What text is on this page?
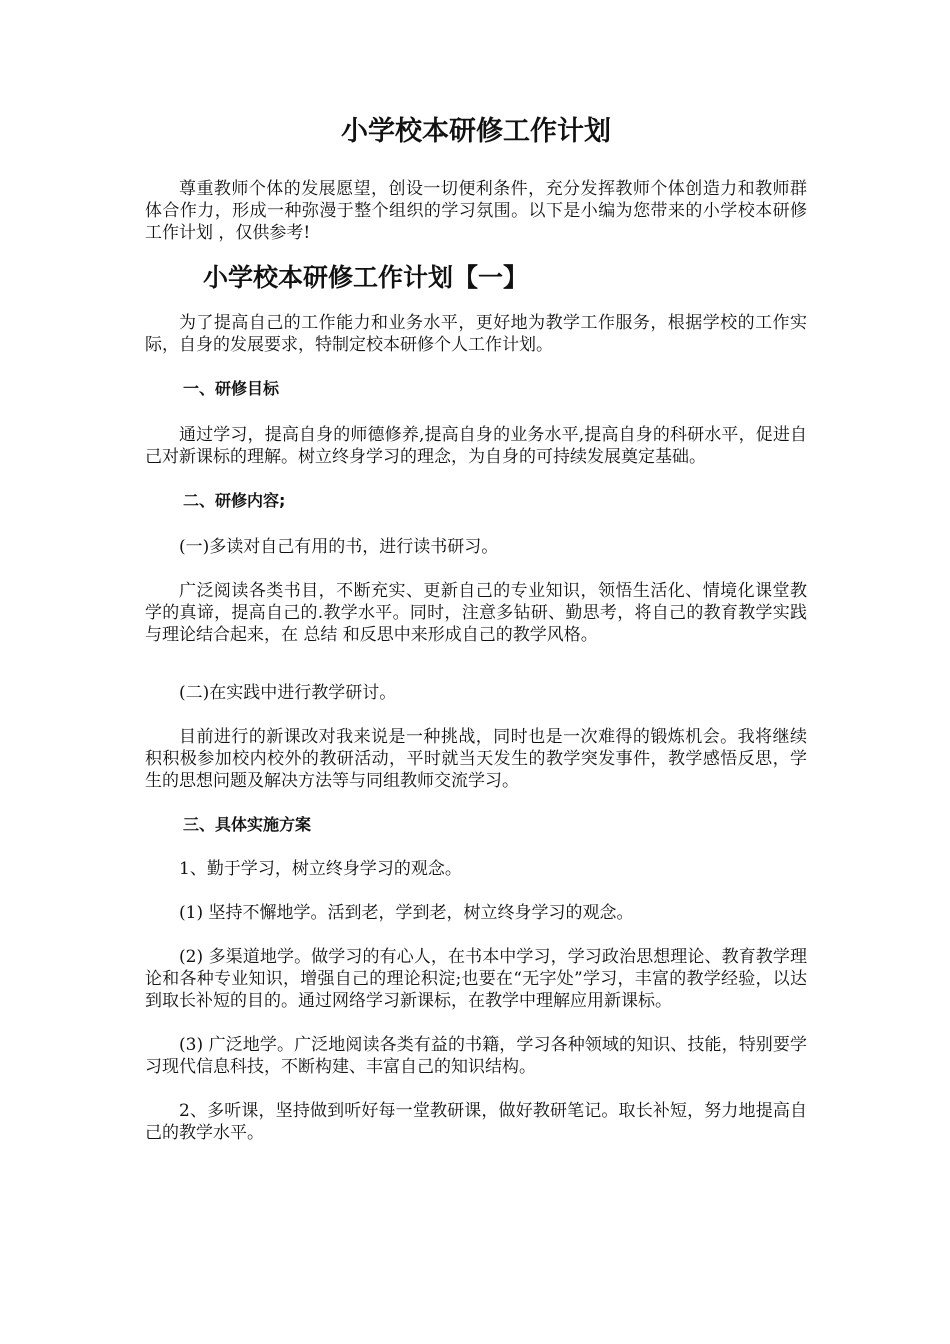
小学校本研修工作计划

尊重教师个体的发展愿望，创设一切便利条件，充分发挥教师个体创造力和教师群体合作力，形成一种弥漫于整个组织的学习氛围。以下是小编为您带来的小学校本研修 工作计划 ，仅供参考!

小学校本研修工作计划【一】

为了提高自己的工作能力和业务水平，更好地为教学工作服务，根据学校的工作实际，自身的发展要求，特制定校本研修个人工作计划。

一、研修目标

通过学习，提高自身的师德修养,提高自身的业务水平,提高自身的科研水平，促进自己对新课标的理解。树立终身学习的理念，为自身的可持续发展奠定基础。

二、研修内容;

(一)多读对自己有用的书，进行读书研习。

广泛阅读各类书目，不断充实、更新自己的专业知识，领悟生活化、情境化课堂教学的真谛，提高自己的.教学水平。同时，注意多钻研、勤思考，将自己的教育教学实践与理论结合起来，在 总结 和反思中来形成自己的教学风格。

(二)在实践中进行教学研讨。

目前进行的新课改对我来说是一种挑战，同时也是一次难得的锻炼机会。我将继续积积极参加校内校外的教研活动，平时就当天发生的教学突发事件，教学感悟反思，学生的思想问题及解决方法等与同组教师交流学习。

三、具体实施方案

1、勤于学习，树立终身学习的观念。

(1) 坚持不懈地学。活到老，学到老，树立终身学习的观念。

(2) 多渠道地学。做学习的有心人，在书本中学习，学习政治思想理论、教育教学理论和各种专业知识，增强自己的理论积淀;也要在“无字处”学习，丰富的教学经验，以达到取长补短的目的。通过网络学习新课标，在教学中理解应用新课标。

(3) 广泛地学。广泛地阅读各类有益的书籍，学习各种领域的知识、技能，特别要学习现代信息科技，不断构建、丰富自己的知识结构。

2、多听课，坚持做到听好每一堂教研课，做好教研笔记。取长补短，努力地提高自己的教学水平。
